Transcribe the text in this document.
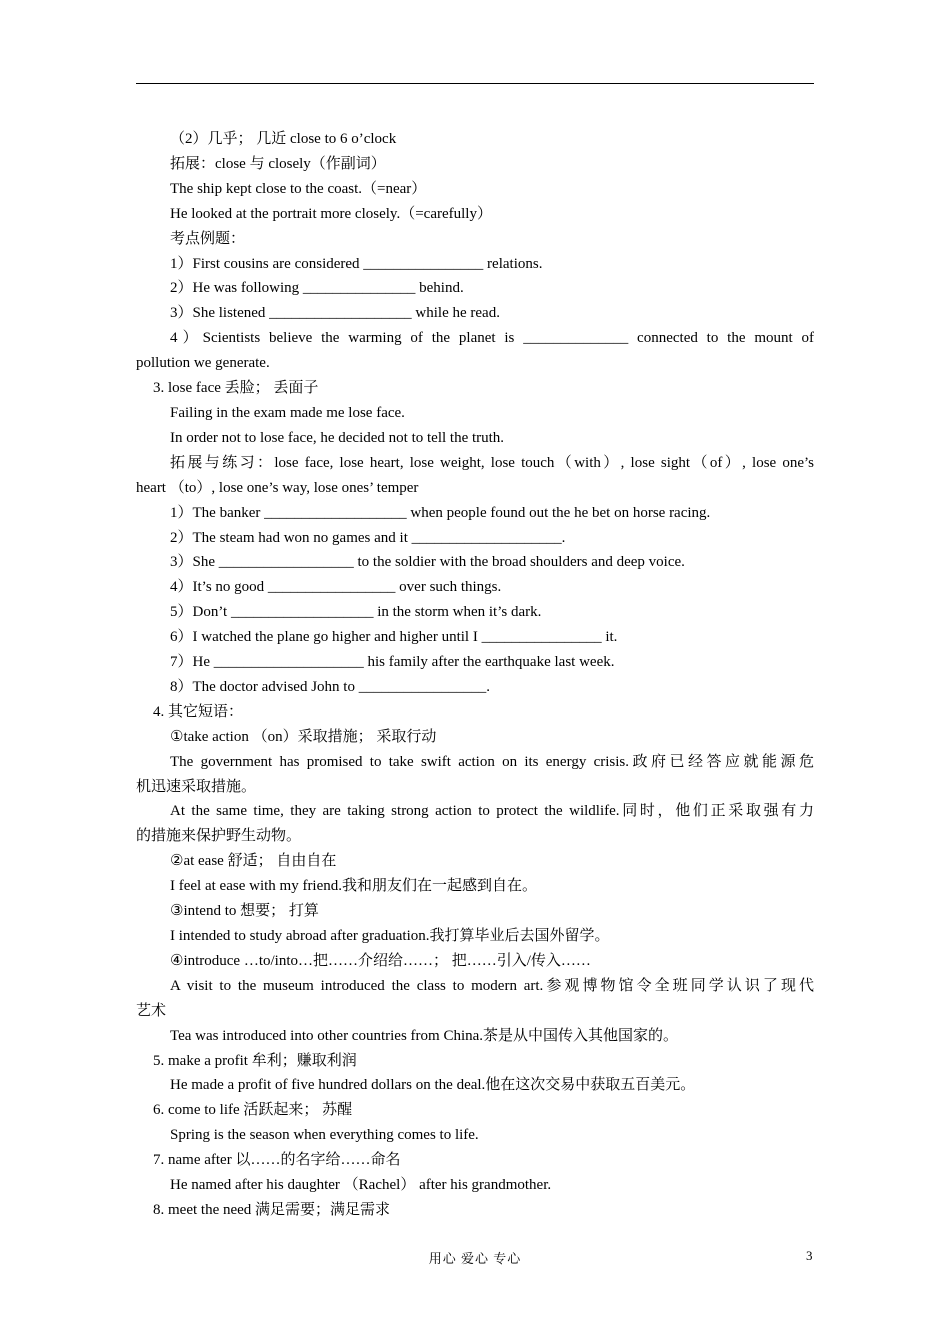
（2）几乎； 几近 close to 6 o’clock

拓展：close 与 closely（作副词）

The ship kept close to the coast.（=near）

He looked at the portrait more closely.（=carefully）

考点例题：

1）First cousins are considered ________________ relations.

2）He was following _______________ behind.

3）She listened ___________________ while he read.

4）Scientists believe the warming of the planet is ______________ connected to the mount of

pollution we generate.

3. lose face 丢脸； 丢面子

Failing in the exam made me lose face.

In order not to lose face, he decided not to tell the truth.

拓展与练习：lose face, lose heart, lose weight, lose touch（with）, lose sight（of）, lose one’s

heart （to）, lose one’s way, lose ones’ temper

1）The banker ___________________ when people found out the he bet on horse racing.

2）The steam had won no games and it ____________________.

3）She __________________ to the soldier with the broad shoulders and deep voice.

4）It’s no good _________________ over such things.

5）Don’t ___________________ in the storm when it’s dark.

6）I watched the plane go higher and higher until I ________________ it.

7）He ____________________ his family after the earthquake last week.

8）The doctor advised John to _________________.

4. 其它短语：

①take action （on）采取措施； 采取行动

The government has promised to take swift action on its energy crisis.政府已经答应就能源危

机迅速采取措施。

At the same time, they are taking strong action to protect the wildlife.同时，他们正采取强有力

的措施来保护野生动物。

②at ease 舒适； 自由自在

I feel at ease with my friend.我和朋友们在一起感到自在。

③intend to 想要； 打算

I intended to study abroad after graduation.我打算毕业后去国外留学。

④introduce …to/into…把……介绍给……； 把……引入/传入……

A visit to the museum introduced the class to modern art.参观博物馆令全班同学认识了现代

艺术

Tea was introduced into other countries from China.茶是从中国传入其他国家的。

5. make a profit 牟利；赚取利润

He made a profit of five hundred dollars on the deal.他在这次交易中获取五百美元。

6. come to life 活跃起来； 苏醒

Spring is the season when everything comes to life.

7. name after 以……的名字给……命名

He named after his daughter （Rachel） after his grandmother.

8. meet the need 满足需要；满足需求

用心 爱心 专心	3
